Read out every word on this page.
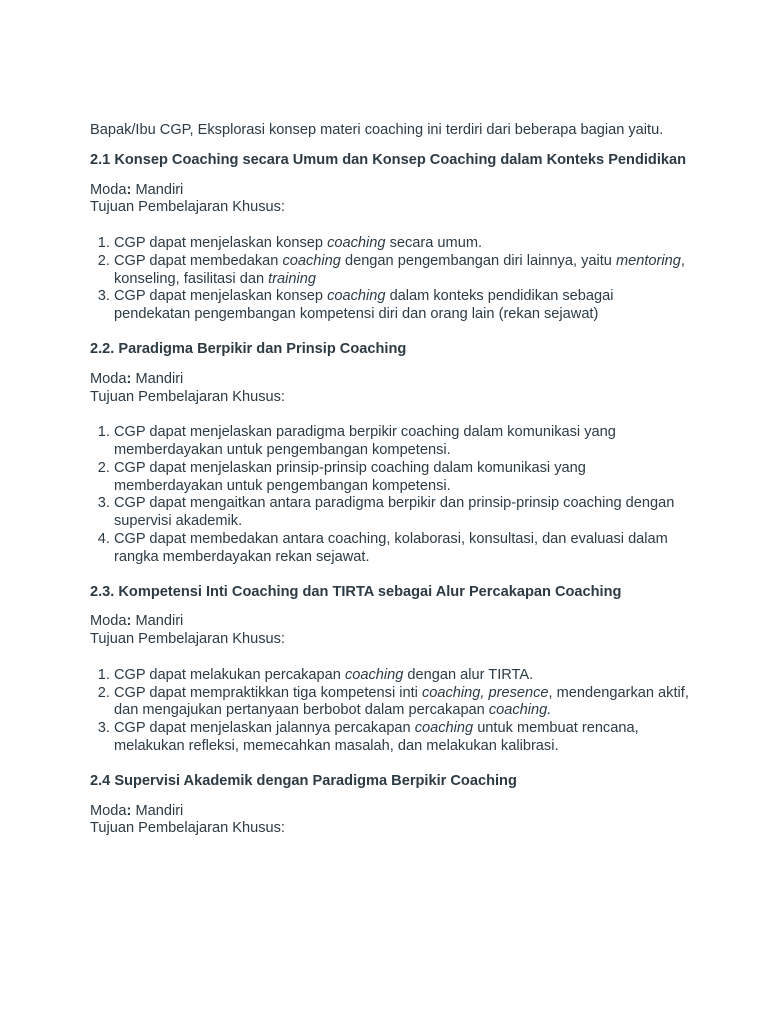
Bapak/Ibu CGP, Eksplorasi konsep materi coaching ini terdiri dari beberapa bagian yaitu.

2.1 Konsep Coaching secara Umum dan Konsep Coaching dalam Konteks Pendidikan

Moda: Mandiri

Tujuan Pembelajaran Khusus:

1. CGP dapat menjelaskan konsep coaching secara umum.
2. CGP dapat membedakan coaching dengan pengembangan diri lainnya, yaitu mentoring, konseling, fasilitasi dan training
3. CGP dapat menjelaskan konsep coaching dalam konteks pendidikan sebagai pendekatan pengembangan kompetensi diri dan orang lain (rekan sejawat)
2.2. Paradigma Berpikir dan Prinsip Coaching

Moda: Mandiri

Tujuan Pembelajaran Khusus:

1. CGP dapat menjelaskan paradigma berpikir coaching dalam komunikasi yang memberdayakan untuk pengembangan kompetensi.
2. CGP dapat menjelaskan prinsip-prinsip coaching dalam komunikasi yang memberdayakan untuk pengembangan kompetensi.
3. CGP dapat mengaitkan antara paradigma berpikir dan prinsip-prinsip coaching dengan supervisi akademik.
4. CGP dapat membedakan antara coaching, kolaborasi, konsultasi, dan evaluasi dalam rangka memberdayakan rekan sejawat.
2.3. Kompetensi Inti Coaching dan TIRTA sebagai Alur Percakapan Coaching

Moda: Mandiri

Tujuan Pembelajaran Khusus:

1. CGP dapat melakukan percakapan coaching dengan alur TIRTA.
2. CGP dapat mempraktikkan tiga kompetensi inti coaching, presence, mendengarkan aktif, dan mengajukan pertanyaan berbobot dalam percakapan coaching.
3. CGP dapat menjelaskan jalannya percakapan coaching untuk membuat rencana, melakukan refleksi, memecahkan masalah, dan melakukan kalibrasi.
2.4 Supervisi Akademik dengan Paradigma Berpikir Coaching

Moda: Mandiri

Tujuan Pembelajaran Khusus:
